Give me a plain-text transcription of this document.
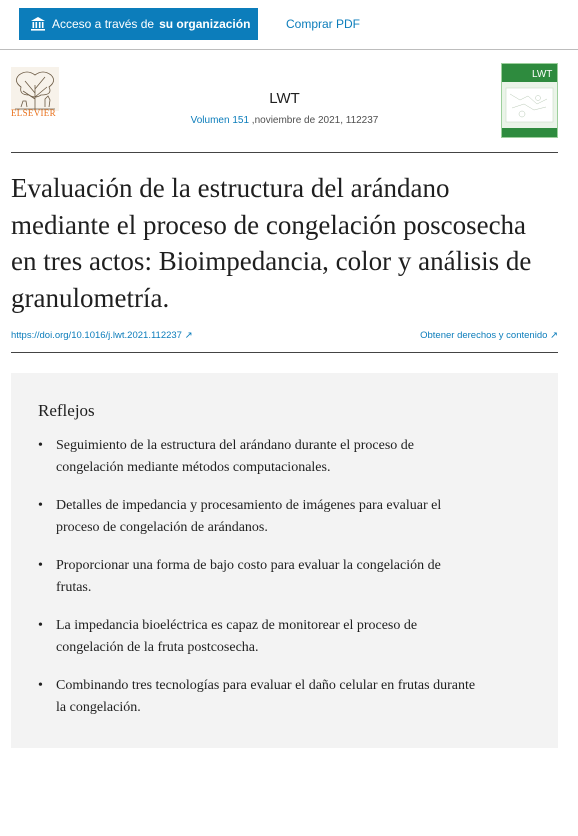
Acceso a través de su organización	Comprar PDF
ELSEVIER
LWT
Volumen 151 ,noviembre de 2021, 112237
LWT
Evaluación de la estructura del arándano mediante el proceso de congelación poscosecha en tres actos: Bioimpedancia, color y análisis de granulometría.
https://doi.org/10.1016/j.lwt.2021.112237 ↗	Obtener derechos y contenido ↗
Reflejos
• Seguimiento de la estructura del arándano durante el proceso de congelación mediante métodos computacionales.
• Detalles de impedancia y procesamiento de imágenes para evaluar el proceso de congelación de arándanos.
• Proporcionar una forma de bajo costo para evaluar la congelación de frutas.
• La impedancia bioeléctrica es capaz de monitorear el proceso de congelación de la fruta postcosecha.
• Combinando tres tecnologías para evaluar el daño celular en frutas durante la congelación.
